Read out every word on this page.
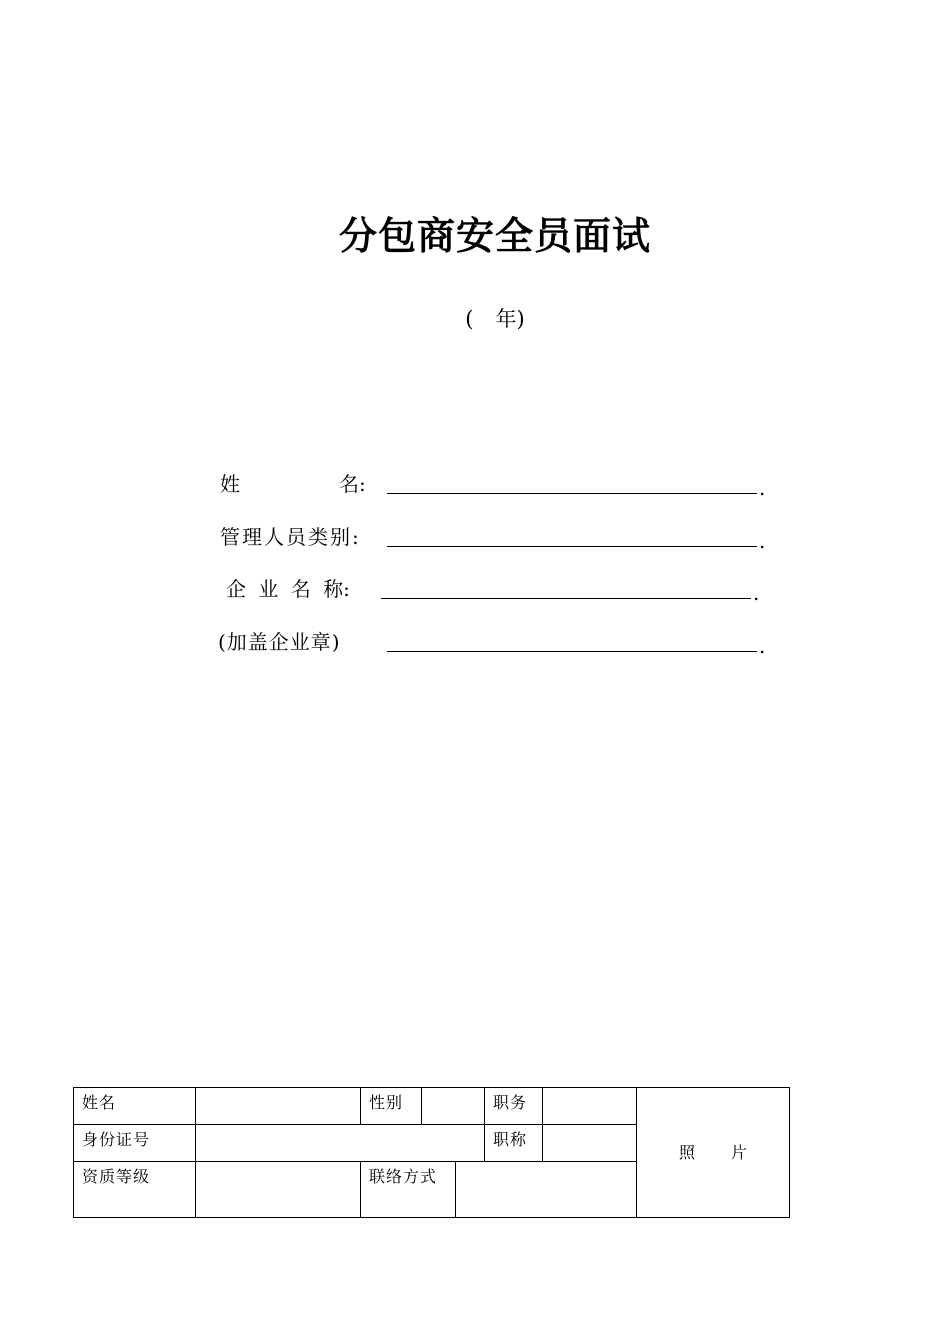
分包商安全员面试
( 年)
姓	名:	.
管理人员类别:	.
企 业 名 称:	.
(加盖企业章)	.
姓名		性别			职务		照 片
身份证号					职称		
资质等级		联络方式					
